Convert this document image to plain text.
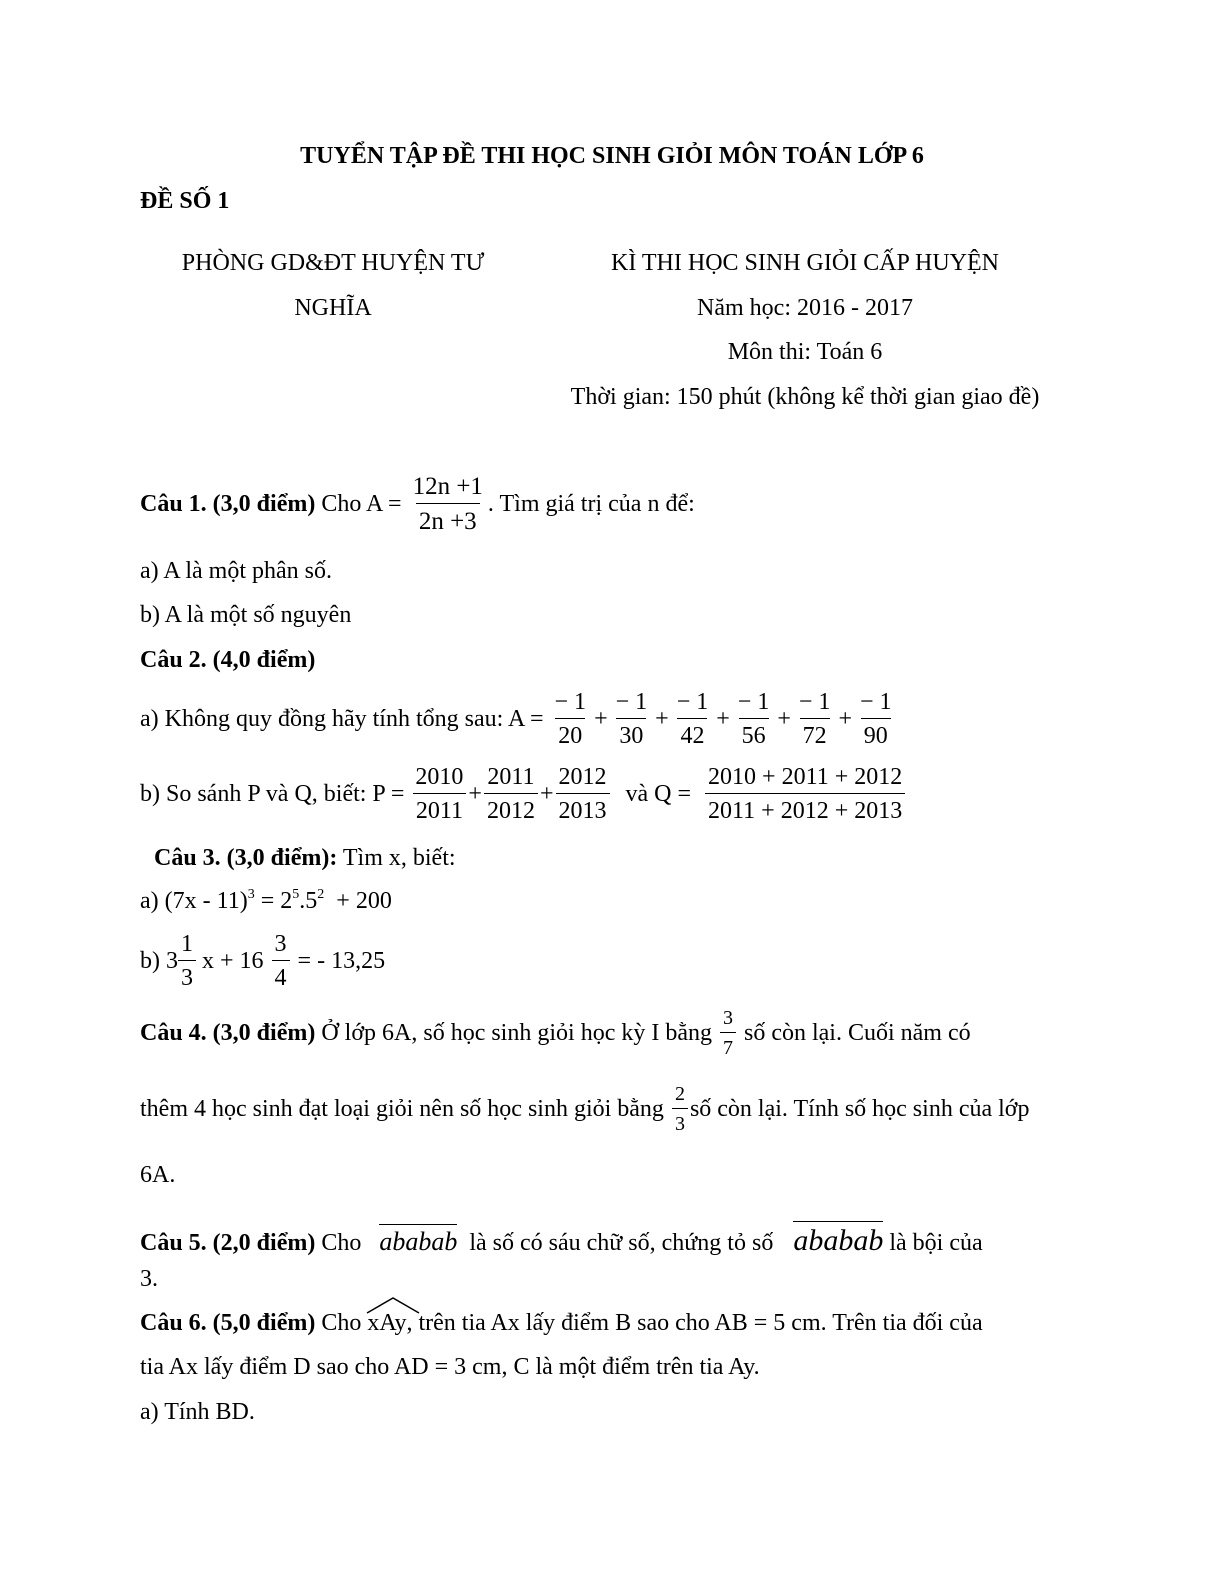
TUYỂN TẬP ĐỀ THI HỌC SINH GIỎI MÔN TOÁN LỚP 6
ĐỀ SỐ 1
PHÒNG GD&ĐT HUYỆN TƯ
NGHĨA
KÌ THI HỌC SINH GIỎI CẤP HUYỆN
Năm học: 2016 - 2017
Môn thi: Toán 6
Thời gian: 150 phút (không kể thời gian giao đề)
Câu 1. (3,0 điểm) Cho $A = \frac{12n +1}{2n +3}$ . Tìm giá trị của n để:
a) A là một phân số.
b) A là một số nguyên
Câu 2. (4,0 điểm)
a) Không quy đồng hãy tính tổng sau: $A = \frac{- 1}{20} + \frac{- 1}{30} + \frac{- 1}{42} + \frac{- 1}{56} + \frac{- 1}{72} + \frac{- 1}{90}$
b) So sánh P và Q, biết: $P = \frac{2010}{2011} + \frac{2011}{2012} + \frac{2012}{2013}$ và $Q = \frac{2010 + 2011 + 2012}{2011 + 2012 + 2013}$
Câu 3. (3,0 điểm): Tìm x, biết:
a) $(7x - 11)^3 = 2^5.5^2 + 200$
b) $3 \frac{1}{3}$ $x + 16 \frac{3}{4}$ = - 13,25
Câu 4. (3,0 điểm) Ở lớp 6A, số học sinh giỏi học kỳ I bằng $\frac{3}{7}$ số còn lại. Cuối năm có
thêm 4 học sinh đạt loại giỏi nên số học sinh giỏi bằng $\frac{2}{3}$ số còn lại. Tính số học sinh của lớp
6A.
Câu 5. (2,0 điểm) Cho ababab là số có sáu chữ số, chứng tỏ số ababab là bội của
3.
Câu 6. (5,0 điểm) Cho
xAy, trên tia Ax lấy điểm B sao cho AB = 5 cm. Trên tia đối của
tia Ax lấy điểm D sao cho AD = 3 cm, C là một điểm trên tia Ay.
a) Tính BD.
